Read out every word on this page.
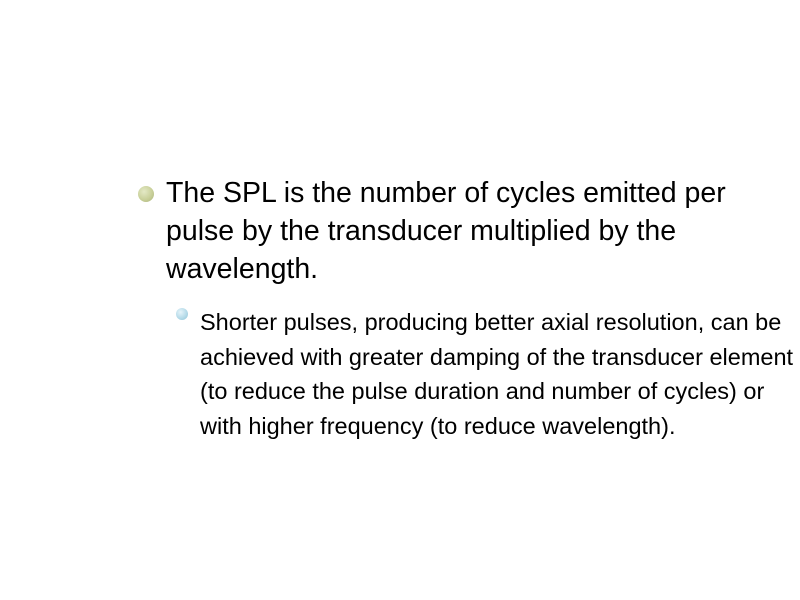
The SPL is the number of cycles emitted per pulse by the transducer multiplied by the wavelength.

Shorter pulses, producing better axial resolution, can be achieved with greater damping of the transducer element (to reduce the pulse duration and number of cycles) or with higher frequency (to reduce wavelength).
